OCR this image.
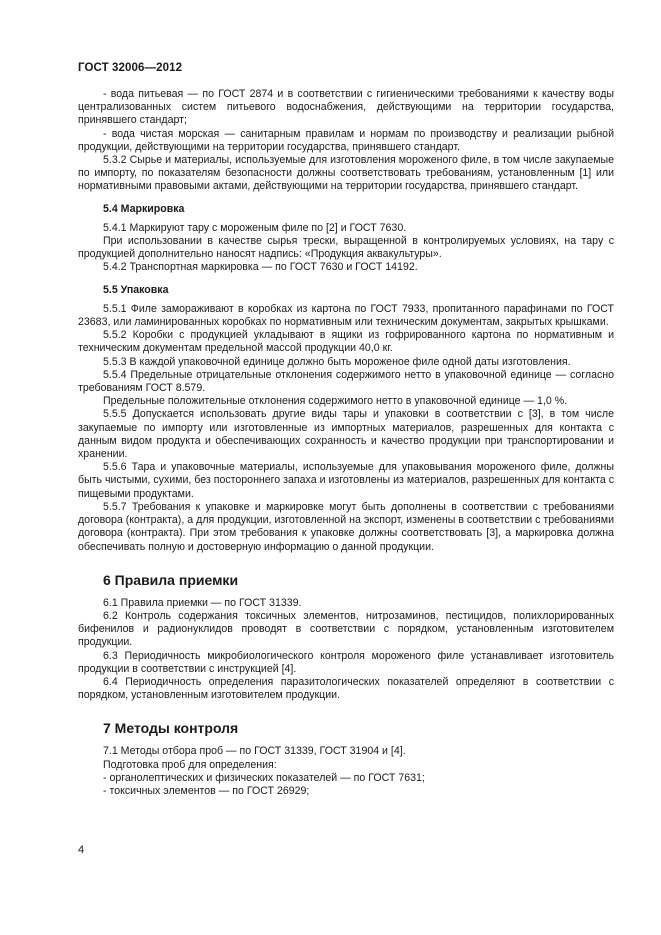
ГОСТ 32006—2012

- вода питьевая — по ГОСТ 2874 и в соответствии с гигиеническими требованиями к качеству воды централизованных систем питьевого водоснабжения, действующими на территории государства, принявшего стандарт;

- вода чистая морская — санитарным правилам и нормам по производству и реализации рыбной продукции, действующими на территории государства, принявшего стандарт.

5.3.2 Сырье и материалы, используемые для изготовления мороженого филе, в том числе закупаемые по импорту, по показателям безопасности должны соответствовать требованиям, установленным [1] или нормативными правовыми актами, действующими на территории государства, принявшего стандарт.

5.4 Маркировка

5.4.1 Маркируют тару с мороженым филе по [2] и ГОСТ 7630.

При использовании в качестве сырья трески, выращенной в контролируемых условиях, на тару с продукцией дополнительно наносят надпись: «Продукция аквакультуры».

5.4.2 Транспортная маркировка — по ГОСТ 7630 и ГОСТ 14192.

5.5 Упаковка

5.5.1 Филе замораживают в коробках из картона по ГОСТ 7933, пропитанного парафинами по ГОСТ 23683, или ламинированных коробках по нормативным или техническим документам, закрытых крышками.

5.5.2 Коробки с продукцией укладывают в ящики из гофрированного картона по нормативным и техническим документам предельной массой продукции 40,0 кг.

5.5.3 В каждой упаковочной единице должно быть мороженое филе одной даты изготовления.

5.5.4 Предельные отрицательные отклонения содержимого нетто в упаковочной единице — согласно требованиям ГОСТ 8.579.

Предельные положительные отклонения содержимого нетто в упаковочной единице — 1,0 %.

5.5.5 Допускается использовать другие виды тары и упаковки в соответствии с [3], в том числе закупаемые по импорту или изготовленные из импортных материалов, разрешенных для контакта с данным видом продукта и обеспечивающих сохранность и качество продукции при транспортировании и хранении.

5.5.6 Тара и упаковочные материалы, используемые для упаковывания мороженого филе, должны быть чистыми, сухими, без постороннего запаха и изготовлены из материалов, разрешенных для контакта с пищевыми продуктами.

5.5.7 Требования к упаковке и маркировке могут быть дополнены в соответствии с требованиями договора (контракта), а для продукции, изготовленной на экспорт, изменены в соответствии с требованиями договора (контракта). При этом требования к упаковке должны соответствовать [3], а маркировка должна обеспечивать полную и достоверную информацию о данной продукции.

6 Правила приемки

6.1 Правила приемки — по ГОСТ 31339.

6.2 Контроль содержания токсичных элементов, нитрозаминов, пестицидов, полихлорированных бифенилов и радионуклидов проводят в соответствии с порядком, установленным изготовителем продукции.

6.3 Периодичность микробиологического контроля мороженого филе устанавливает изготовитель продукции в соответствии с инструкцией [4].

6.4 Периодичность определения паразитологических показателей определяют в соответствии с порядком, установленным изготовителем продукции.

7 Методы контроля

7.1 Методы отбора проб — по ГОСТ 31339, ГОСТ 31904 и [4].

Подготовка проб для определения:

- органолептических и физических показателей — по ГОСТ 7631;

- токсичных элементов — по ГОСТ 26929;

4
